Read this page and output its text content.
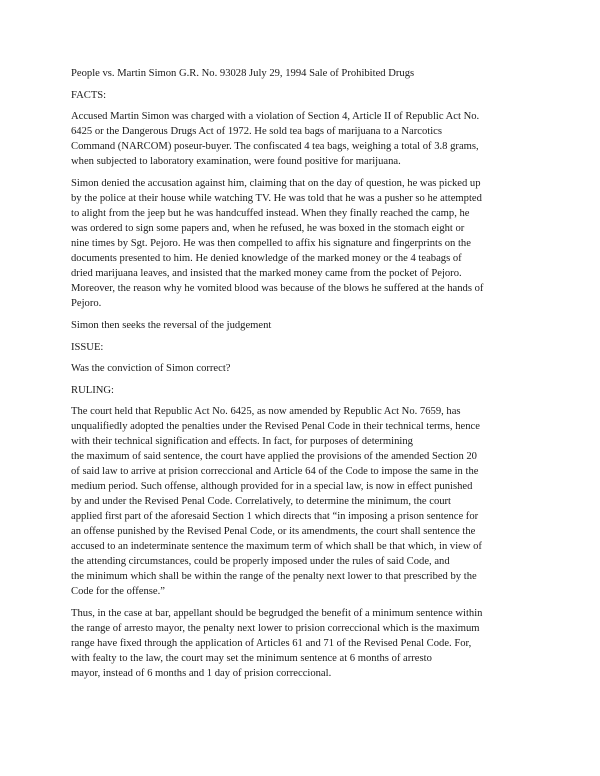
People vs. Martin Simon G.R. No. 93028 July 29, 1994 Sale of Prohibited Drugs
FACTS:
Accused Martin Simon was charged with a violation of Section 4, Article II of Republic Act No.
6425 or the Dangerous Drugs Act of 1972. He sold tea bags of marijuana to a Narcotics
Command (NARCOM) poseur-buyer. The confiscated 4 tea bags, weighing a total of 3.8 grams,
when subjected to laboratory examination, were found positive for marijuana.
Simon denied the accusation against him, claiming that on the day of question, he was picked up
by the police at their house while watching TV. He was told that he was a pusher so he attempted
to alight from the jeep but he was handcuffed instead. When they finally reached the camp, he
was ordered to sign some papers and, when he refused, he was boxed in the stomach eight or
nine times by Sgt. Pejoro. He was then compelled to affix his signature and fingerprints on the
documents presented to him. He denied knowledge of the marked money or the 4 teabags of
dried marijuana leaves, and insisted that the marked money came from the pocket of Pejoro.
Moreover, the reason why he vomited blood was because of the blows he suffered at the hands of
Pejoro.
Simon then seeks the reversal of the judgement
ISSUE:
Was the conviction of Simon correct?
RULING:
The court held that Republic Act No. 6425, as now amended by Republic Act No. 7659, has
unqualifiedly adopted the penalties under the Revised Penal Code in their technical terms, hence
with their technical signification and effects. In fact, for purposes of determining
the maximum of said sentence, the court have applied the provisions of the amended Section 20
of said law to arrive at prision correccional and Article 64 of the Code to impose the same in the
medium period. Such offense, although provided for in a special law, is now in effect punished
by and under the Revised Penal Code. Correlatively, to determine the minimum, the court
applied first part of the aforesaid Section 1 which directs that “in imposing a prison sentence for
an offense punished by the Revised Penal Code, or its amendments, the court shall sentence the
accused to an indeterminate sentence the maximum term of which shall be that which, in view of
the attending circumstances, could be properly imposed under the rules of said Code, and
the minimum which shall be within the range of the penalty next lower to that prescribed by the
Code for the offense.”
Thus, in the case at bar, appellant should be begrudged the benefit of a minimum sentence within
the range of arresto mayor, the penalty next lower to prision correccional which is the maximum
range have fixed through the application of Articles 61 and 71 of the Revised Penal Code. For,
with fealty to the law, the court may set the minimum sentence at 6 months of arresto
mayor, instead of 6 months and 1 day of prision correccional.
